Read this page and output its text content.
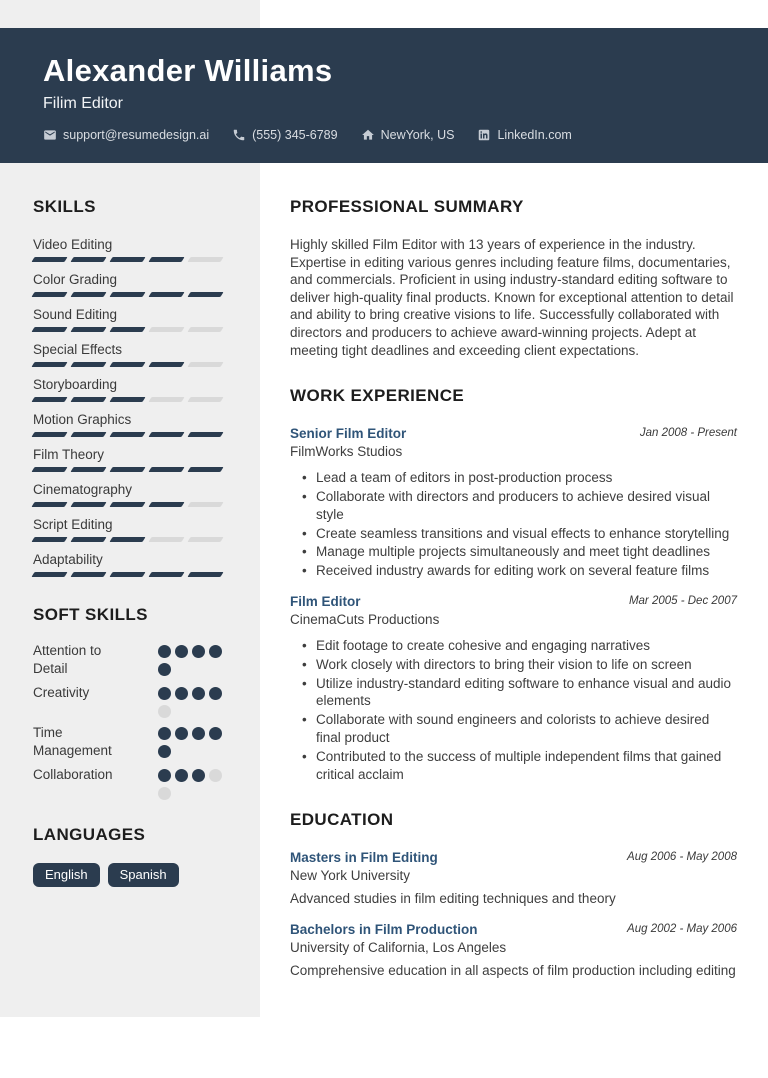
Alexander Williams
Filim Editor
support@resumedesign.ai	(555) 345-6789	NewYork, US	LinkedIn.com
SKILLS
Video Editing
Color Grading
Sound Editing
Special Effects
Storyboarding
Motion Graphics
Film Theory
Cinematography
Script Editing
Adaptability
SOFT SKILLS
Attention to Detail
Creativity
Time Management
Collaboration
LANGUAGES
English	Spanish
PROFESSIONAL SUMMARY

Highly skilled Film Editor with 13 years of experience in the industry. Expertise in editing various genres including feature films, documentaries, and commercials. Proficient in using industry-standard editing software to deliver high-quality final products. Known for exceptional attention to detail and ability to bring creative visions to life. Successfully collaborated with directors and producers to achieve award-winning projects. Adept at meeting tight deadlines and exceeding client expectations.

WORK EXPERIENCE
Senior Film Editor	Jan 2008 - Present
FilmWorks Studios
• Lead a team of editors in post-production process
• Collaborate with directors and producers to achieve desired visual style
• Create seamless transitions and visual effects to enhance storytelling
• Manage multiple projects simultaneously and meet tight deadlines
• Received industry awards for editing work on several feature films
Film Editor	Mar 2005 - Dec 2007
CinemaCuts Productions
• Edit footage to create cohesive and engaging narratives
• Work closely with directors to bring their vision to life on screen
• Utilize industry-standard editing software to enhance visual and audio elements
• Collaborate with sound engineers and colorists to achieve desired final product
• Contributed to the success of multiple independent films that gained critical acclaim
EDUCATION
Masters in Film Editing	Aug 2006 - May 2008
New York University
Advanced studies in film editing techniques and theory
Bachelors in Film Production	Aug 2002 - May 2006
University of California, Los Angeles
Comprehensive education in all aspects of film production including editing
